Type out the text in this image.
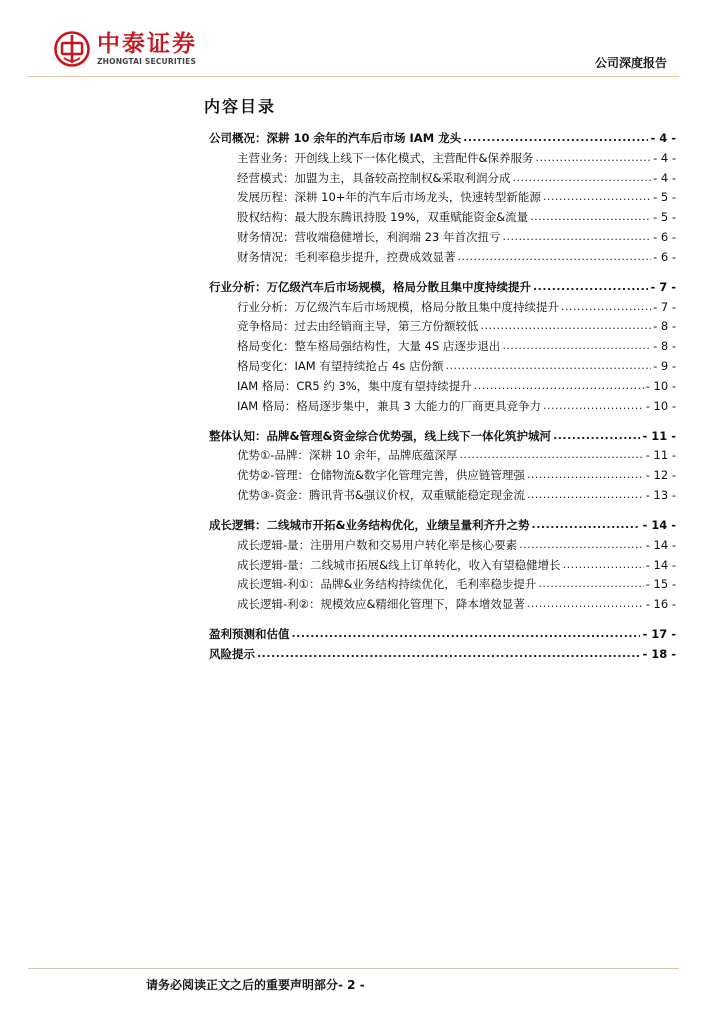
中泰证券
ZHONGTAI SECURITIES	公司深度报告
内容目录
公司概况：深耕 10 余年的汽车后市场 IAM 龙头 .....	- 4 -
主营业务：开创线上线下一体化模式，主营配件&保养服务 .....	- 4 -
经营模式：加盟为主，具备较高控制权&采取利润分成 .....	- 4 -
发展历程：深耕 10+年的汽车后市场龙头，快速转型新能源 .....	- 5 -
股权结构：最大股东腾讯持股 19%，双重赋能资金&流量 .....	- 5 -
财务情况：营收端稳健增长，利润端 23 年首次扭亏 .....	- 6 -
财务情况：毛利率稳步提升，控费成效显著 .....	- 6 -
行业分析：万亿级汽车后市场规模，格局分散且集中度持续提升 .....	- 7 -
行业分析：万亿级汽车后市场规模，格局分散且集中度持续提升 .....	- 7 -
竞争格局：过去由经销商主导，第三方份额较低 .....	- 8 -
格局变化：整车格局强结构性，大量 4S 店逐步退出 .....	- 8 -
格局变化：IAM 有望持续抢占 4s 店份额 .....	- 9 -
IAM 格局：CR5 约 3%，集中度有望持续提升 .....	- 10 -
IAM 格局：格局逐步集中，兼具 3 大能力的厂商更具竞争力 .....	- 10 -
整体认知：品牌&管理&资金综合优势强，线上线下一体化筑护城河 .....	- 11 -
优势①-品牌：深耕 10 余年，品牌底蕴深厚 .....	- 11 -
优势②-管理：仓储物流&数字化管理完善，供应链管理强 .....	- 12 -
优势③-资金：腾讯背书&强议价权，双重赋能稳定现金流 .....	- 13 -
成长逻辑：二线城市开拓&业务结构优化，业绩呈量利齐升之势 .....	- 14 -
成长逻辑-量：注册用户数和交易用户转化率是核心要素 .....	- 14 -
成长逻辑-量：二线城市拓展&线上订单转化，收入有望稳健增长 .....	- 14 -
成长逻辑-利①：品牌&业务结构持续优化，毛利率稳步提升 .....	- 15 -
成长逻辑-利②：规模效应&精细化管理下，降本增效显著 .....	- 16 -
盈利预测和估值 .....	- 17 -
风险提示 .....	- 18 -
请务必阅读正文之后的重要声明部分- 2 -
